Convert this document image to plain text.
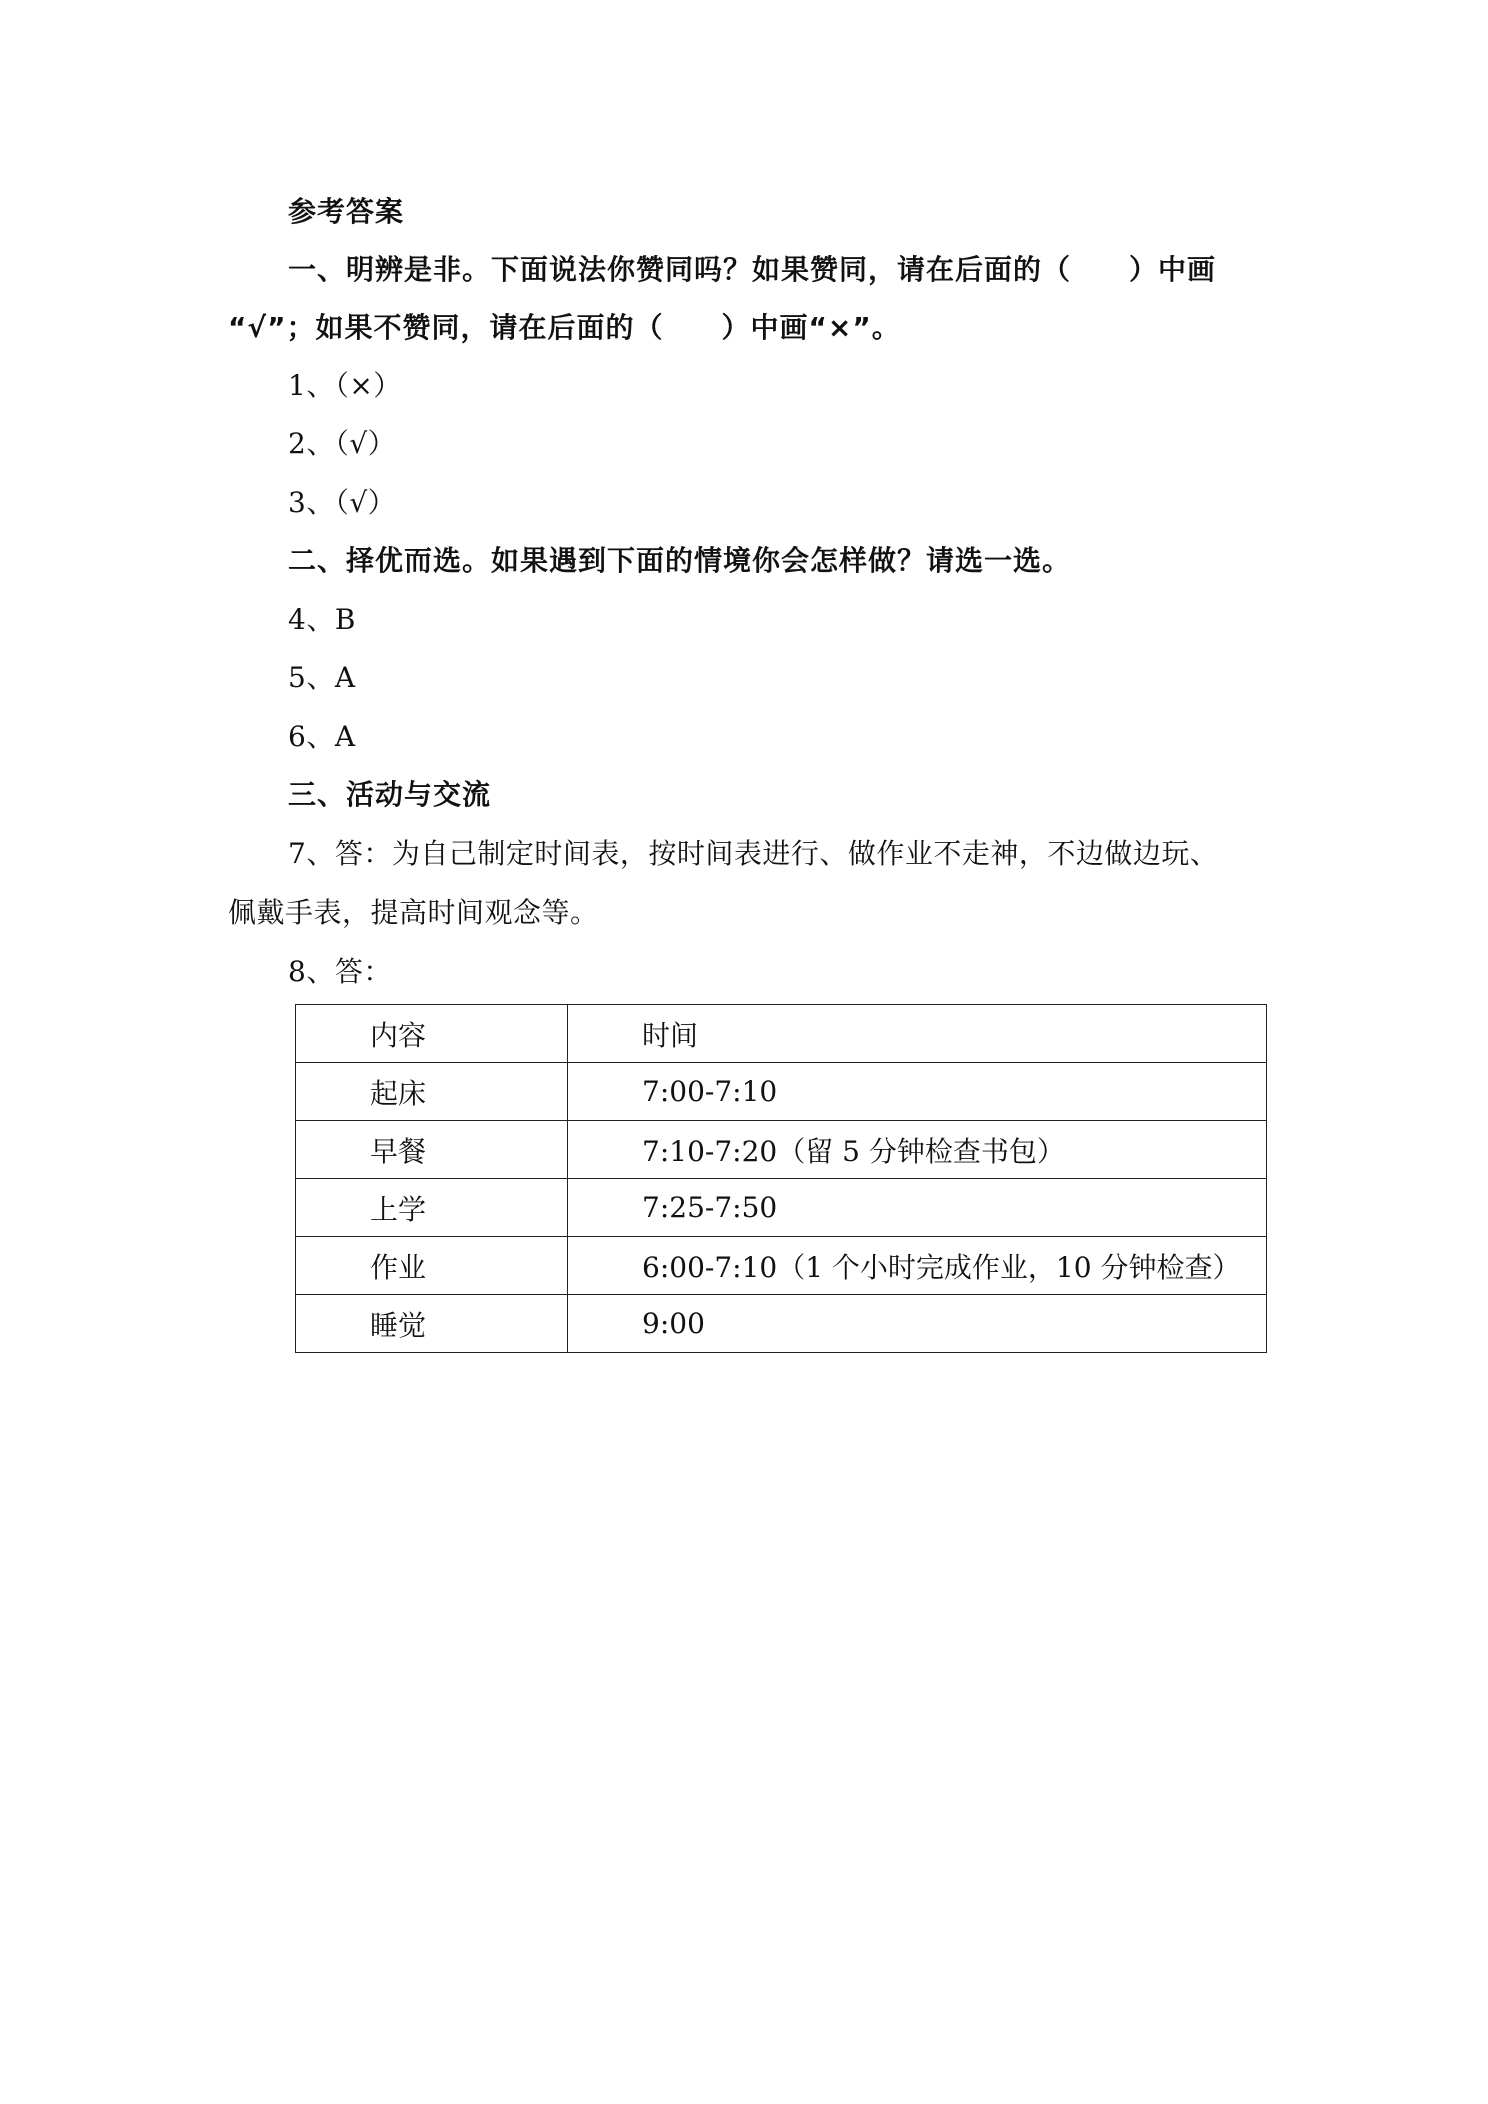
参考答案
一、明辨是非。下面说法你赞同吗？如果赞同，请在后面的（　　）中画
“√”；如果不赞同，请在后面的（　　）中画“×”。
1、（×）
2、（√）
3、（√）
二、择优而选。如果遇到下面的情境你会怎样做？请选一选。
4、B
5、A
6、A
三、活动与交流
7、答：为自己制定时间表，按时间表进行、做作业不走神，不边做边玩、
佩戴手表，提高时间观念等。
8、答：
内容	时间
起床	7:00-7:10
早餐	7:10-7:20（留 5 分钟检查书包）
上学	7:25-7:50
作业	6:00-7:10（1 个小时完成作业，10 分钟检查）
睡觉	9:00
